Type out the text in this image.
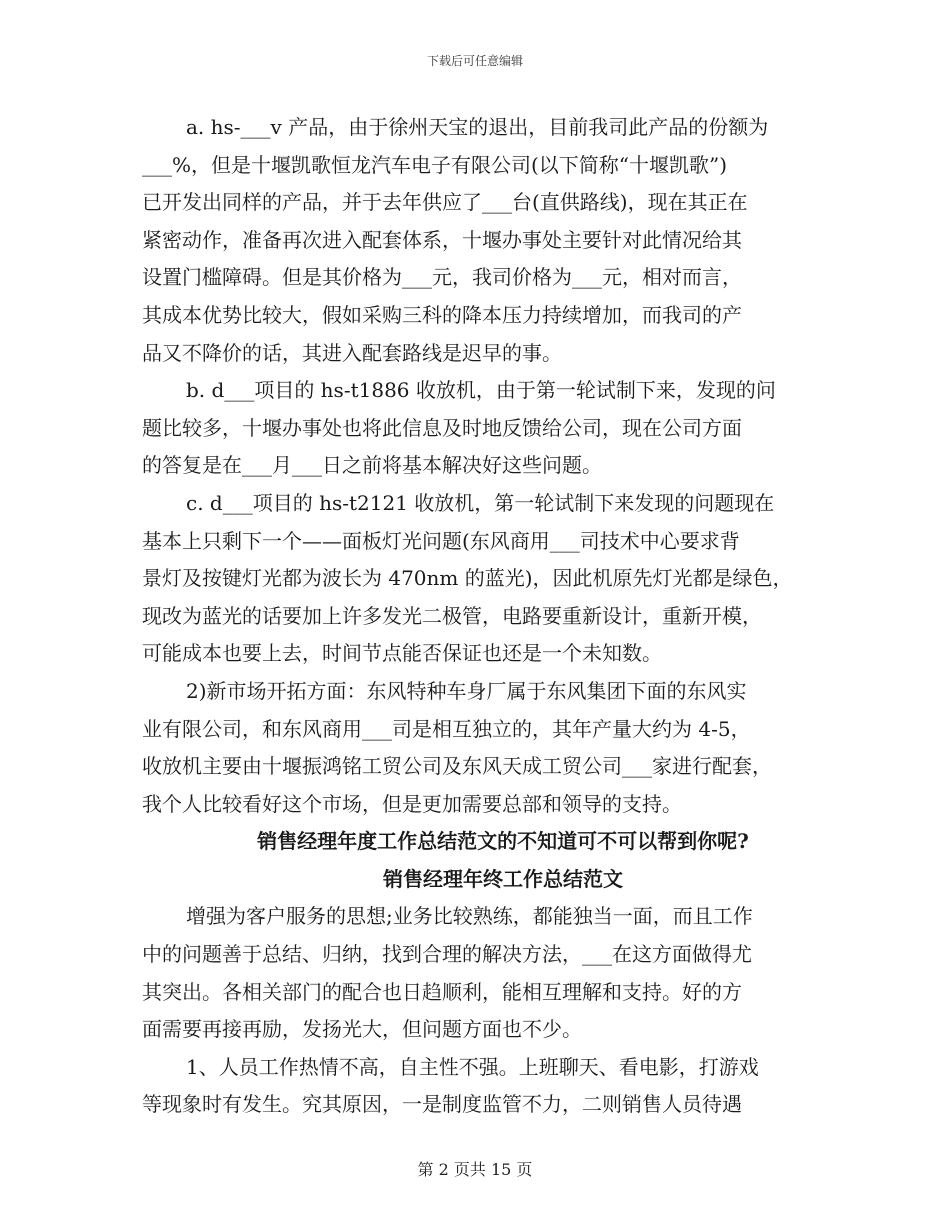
下载后可任意编辑
a. hs-___v 产品，由于徐州天宝的退出，目前我司此产品的份额为
___%，但是十堰凯歌恒龙汽车电子有限公司(以下简称“十堰凯歌”)
已开发出同样的产品，并于去年供应了___台(直供路线)，现在其正在
紧密动作，准备再次进入配套体系，十堰办事处主要针对此情况给其
设置门槛障碍。但是其价格为___元，我司价格为___元，相对而言，
其成本优势比较大，假如采购三科的降本压力持续增加，而我司的产
品又不降价的话，其进入配套路线是迟早的事。
b. d___项目的 hs-t1886 收放机，由于第一轮试制下来，发现的问
题比较多，十堰办事处也将此信息及时地反馈给公司，现在公司方面
的答复是在___月___日之前将基本解决好这些问题。
c. d___项目的 hs-t2121 收放机，第一轮试制下来发现的问题现在
基本上只剩下一个——面板灯光问题(东风商用___司技术中心要求背
景灯及按键灯光都为波长为 470nm 的蓝光)，因此机原先灯光都是绿色，
现改为蓝光的话要加上许多发光二极管，电路要重新设计，重新开模，
可能成本也要上去，时间节点能否保证也还是一个未知数。
2)新市场开拓方面：东风特种车身厂属于东风集团下面的东风实
业有限公司，和东风商用___司是相互独立的，其年产量大约为 4-5，
收放机主要由十堰振鸿铭工贸公司及东风天成工贸公司___家进行配套，
我个人比较看好这个市场，但是更加需要总部和领导的支持。
销售经理年度工作总结范文的不知道可不可以帮到你呢?
销售经理年终工作总结范文
增强为客户服务的思想;业务比较熟练，都能独当一面，而且工作
中的问题善于总结、归纳，找到合理的解决方法，___在这方面做得尤
其突出。各相关部门的配合也日趋顺利，能相互理解和支持。好的方
面需要再接再励，发扬光大，但问题方面也不少。
1、人员工作热情不高，自主性不强。上班聊天、看电影，打游戏
等现象时有发生。究其原因，一是制度监管不力，二则销售人员待遇
第 2 页共 15 页
